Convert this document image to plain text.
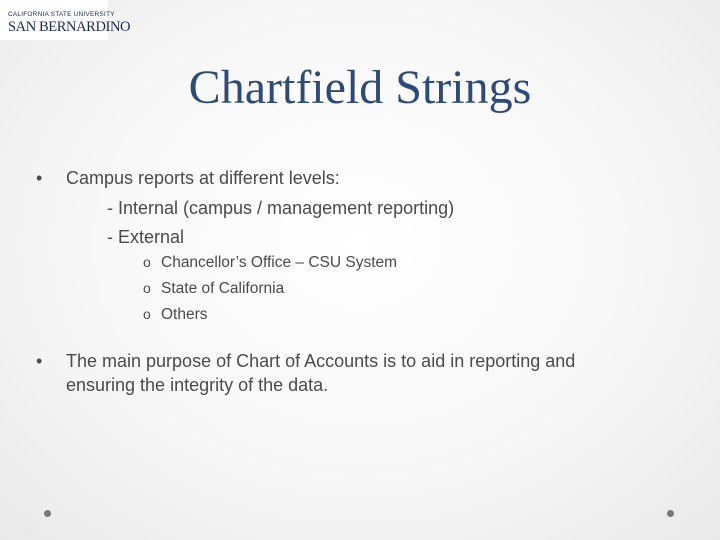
CALIFORNIA STATE UNIVERSITY
SAN BERNARDINO
Chartfield Strings
• Campus reports at different levels:
- Internal (campus / management reporting)
- External
o Chancellor’s Office – CSU System
o State of California
o Others
• The main purpose of Chart of Accounts is to aid in reporting and
ensuring the integrity of the data.
